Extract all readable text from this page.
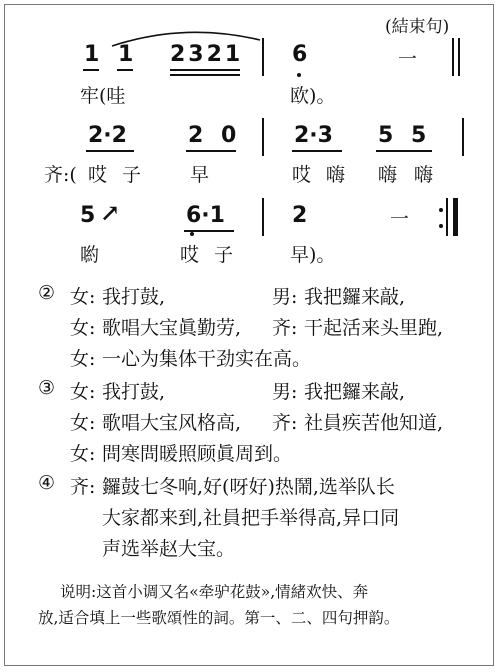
(結束句)
1 1 2321 6	一
牢(哇	欧)。
2·2	2 0	2·3 5 5
齐:( 哎 子	早	哎 嗨 嗨 嗨
5 ↗	6·1	2	一
喲	哎 子	早)。
② 女: 我打鼓,	男: 我把鑼来敲,
女: 歌唱大宝眞勤劳, 齐: 干起活来头里跑,
女: 一心为集体干劲实在高。
③ 女: 我打鼓,	男: 我把鑼来敲,
女: 歌唱大宝风格高, 齐: 社員疾苦他知道,
女: 問寒問暖照顾眞周到。
④ 齐: 鑼鼓七冬响,好(呀好)热鬧,选举队长
大家都来到,社員把手举得高,异口同
声选举赵大宝。
说明:这首小调又名«牵驴花鼓»,情緒欢快、奔
放,适合填上一些歌頌性的詞。第一、二、四句押韵。
